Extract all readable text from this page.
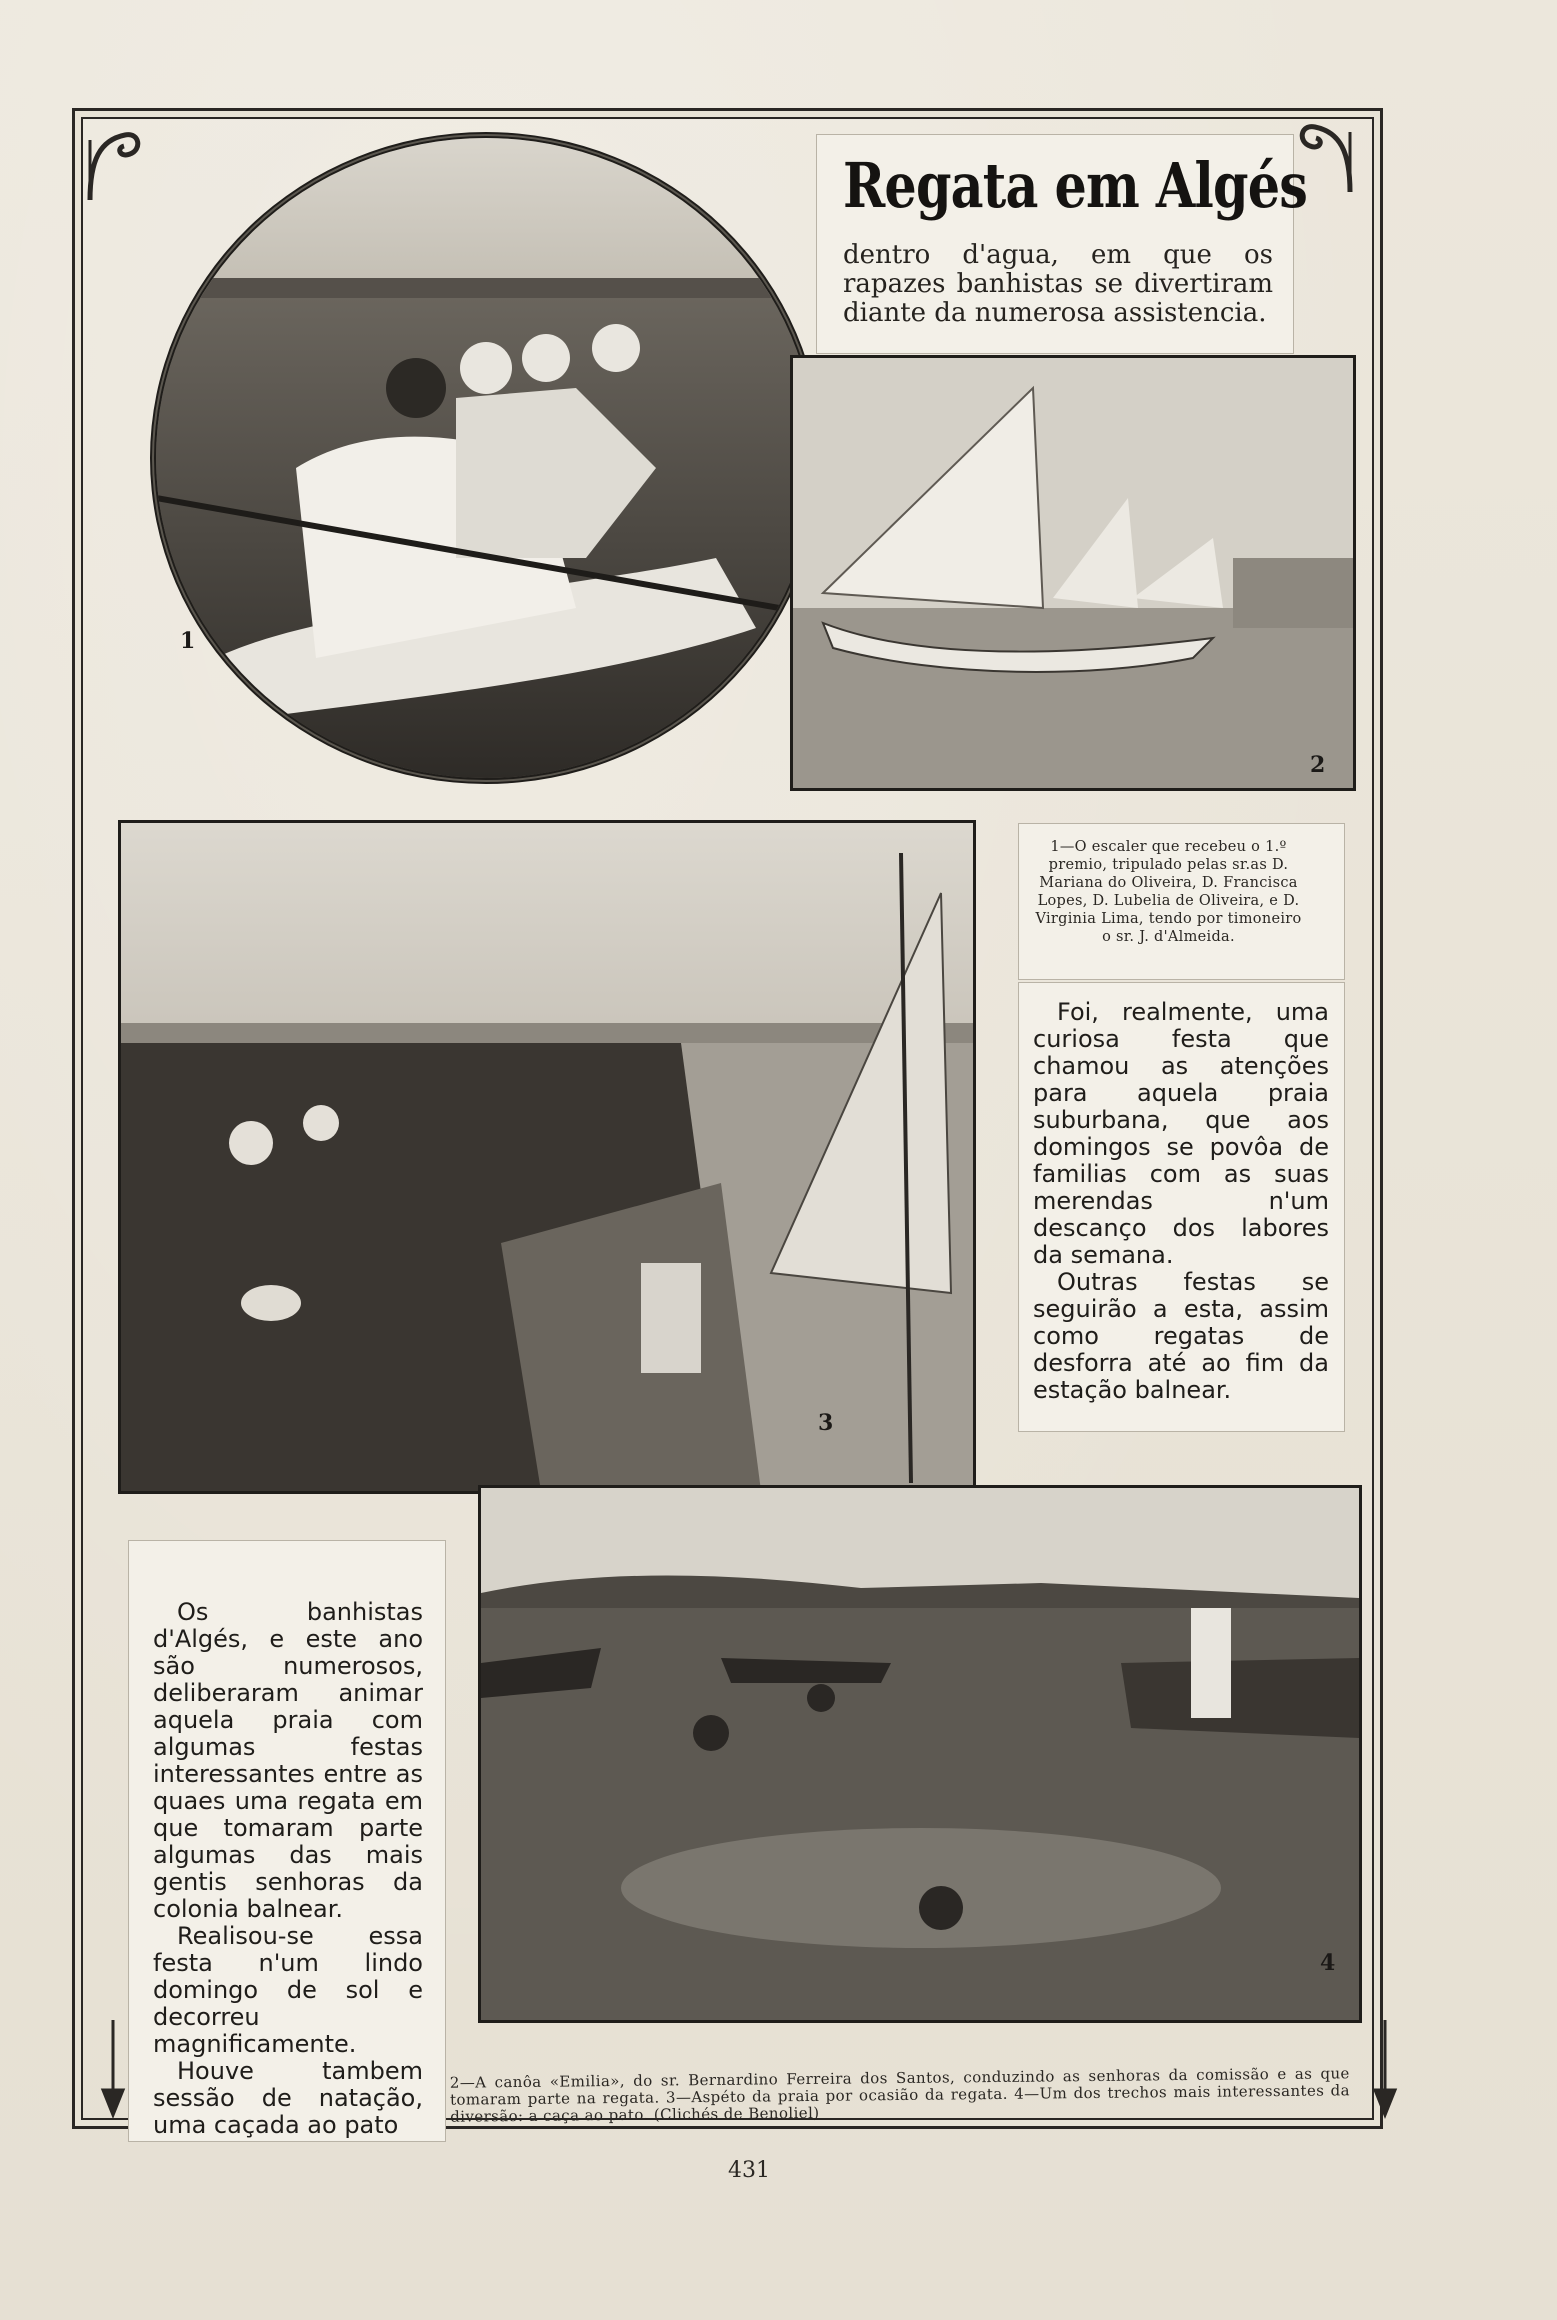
Regata em Algés
dentro d'agua, em que os rapazes banhistas se divertiram diante da numerosa assistencia.
1—O escaler que recebeu o 1.º premio, tripulado pelas sr.as D. Mariana do Oliveira, D. Francisca Lopes, D. Lubelia de Oliveira, e D. Virginia Lima, tendo por timoneiro o sr. J. d'Almeida.

Foi, realmente, uma curiosa festa que chamou as atenções para aquela praia suburbana, que aos domingos se povôa de familias com as suas merendas n'um descanço dos labores da semana.

Outras festas se seguirão a esta, assim como regatas de desforra até ao fim da estação balnear.

Os banhistas d'Algés, e este ano são numerosos, deliberaram animar aquela praia com algumas festas interessantes entre as quaes uma regata em que tomaram parte algumas das mais gentis senhoras da colonia balnear.

Realisou-se essa festa n'um lindo domingo de sol e decorreu magnificamente.

Houve tambem sessão de natação, uma caçada ao pato

1
2
3
4
2—A canôa «Emilia», do sr. Bernardino Ferreira dos Santos, conduzindo as senhoras da comissão e as que tomaram parte na regata. 3—Aspéto da praia por ocasião da regata. 4—Um dos trechos mais interessantes da diversão: a caça ao pato. (Clichés de Benoliel)
431
